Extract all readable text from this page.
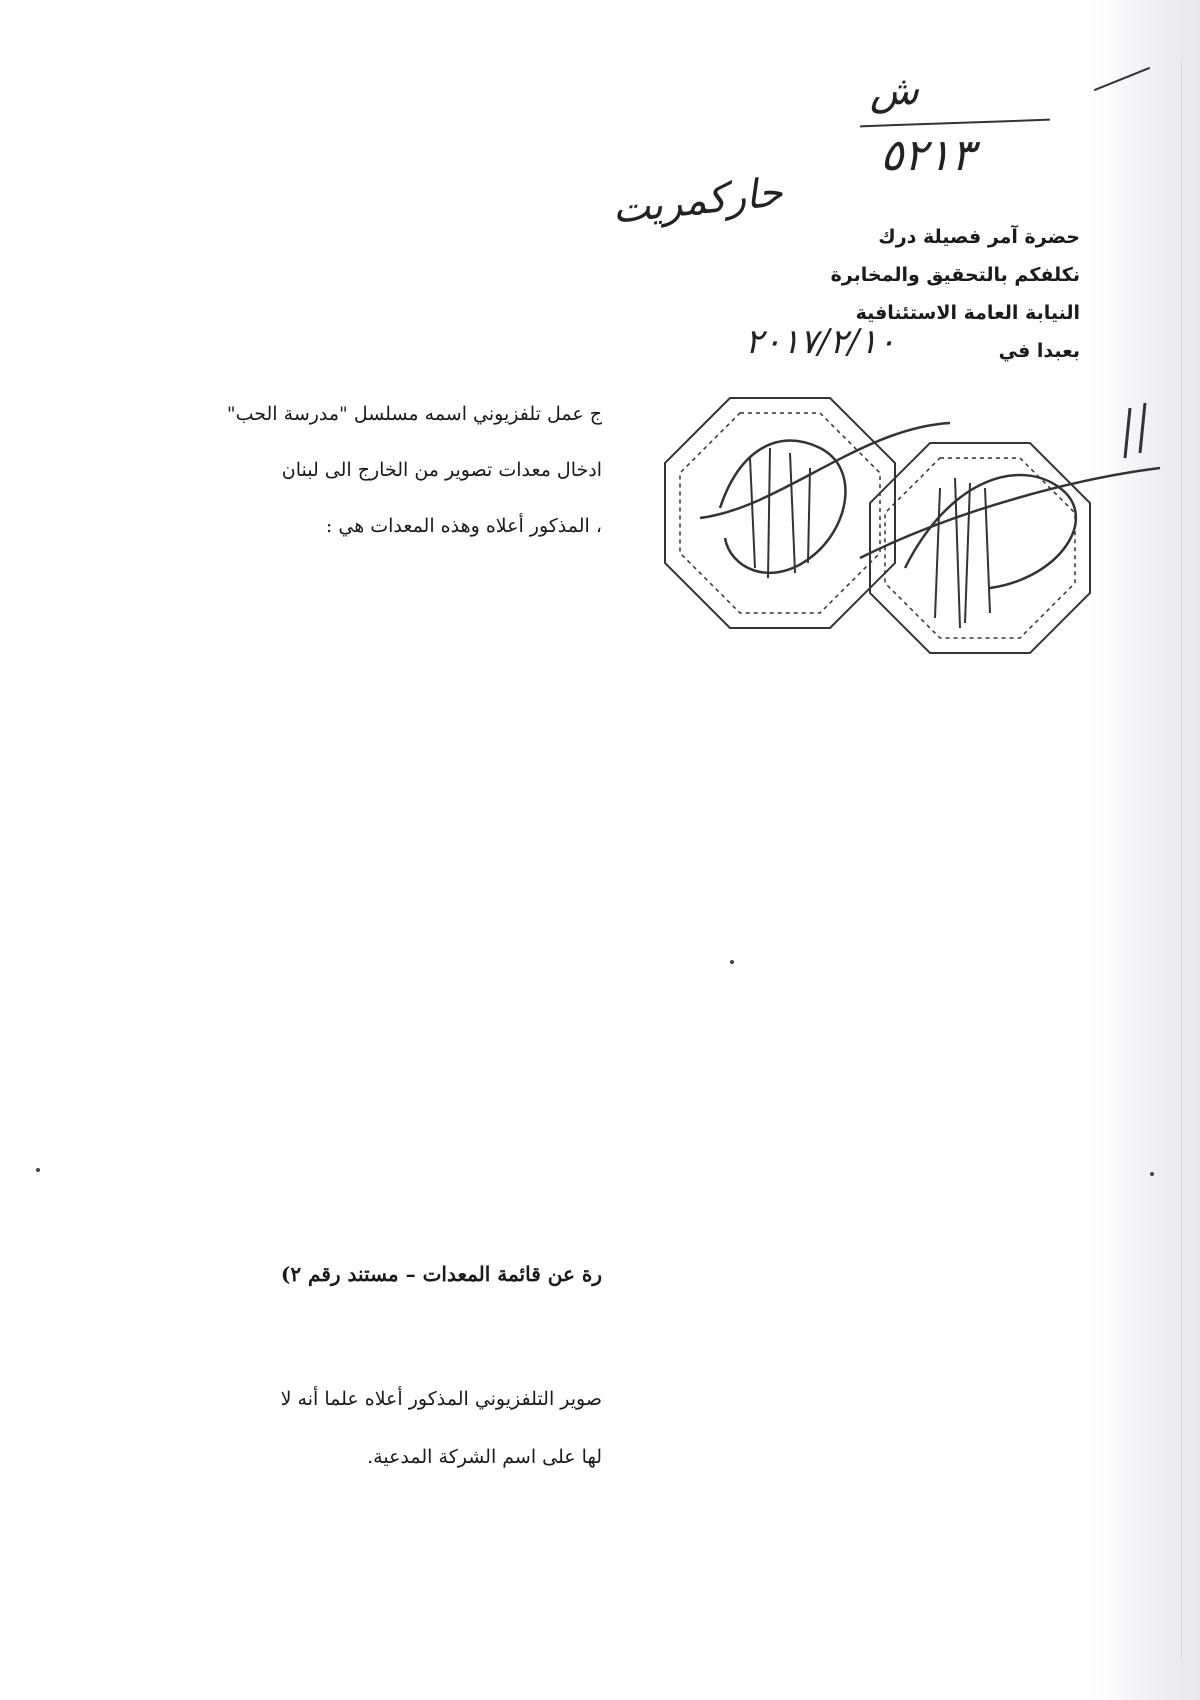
ش
٥٢١٣
حاركمريت
حضرة آمر فصيلة درك
نكلفكم بالتحقيق والمخابرة
النيابة العامة الاستئنافية
بعبدا في
٢٠١٧/٢/١٠
ج عمل تلفزيوني اسمه مسلسل "مدرسة الحب"
ادخال معدات تصوير من الخارج الى لبنان
، المذكور أعلاه وهذه المعدات هي :
رة عن قائمة المعدات – مستند رقم ٢)
صوير التلفزيوني المذكور أعلاه علما أنه لا
لها على اسم الشركة المدعية.
